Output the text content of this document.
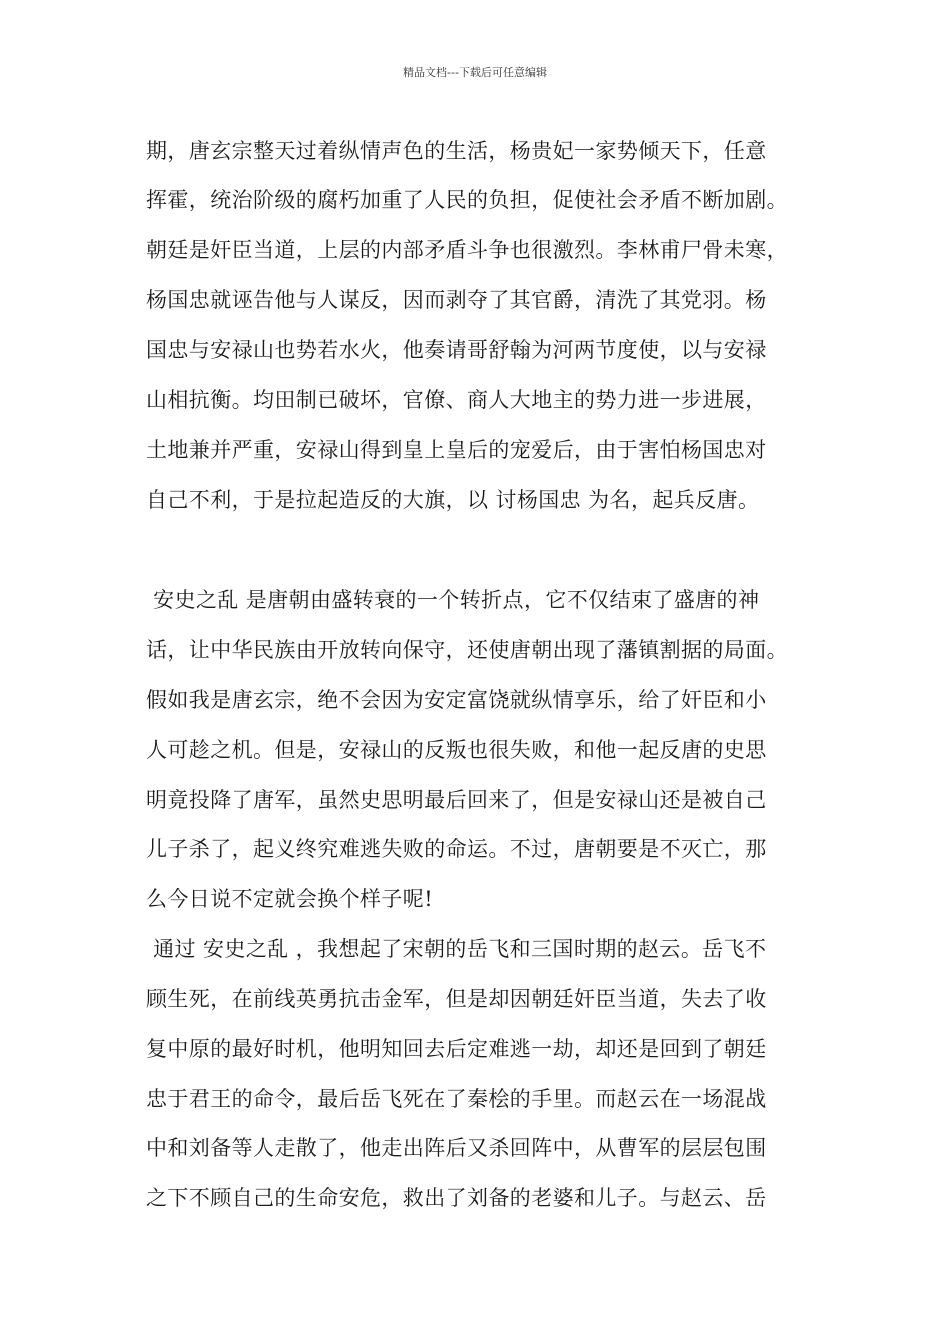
精品文档---下载后可任意编辑
期，唐玄宗整天过着纵情声色的生活，杨贵妃一家势倾天下，任意
挥霍，统治阶级的腐朽加重了人民的负担，促使社会矛盾不断加剧。
朝廷是奸臣当道，上层的内部矛盾斗争也很激烈。李林甫尸骨未寒，
杨国忠就诬告他与人谋反，因而剥夺了其官爵，清洗了其党羽。杨
国忠与安禄山也势若水火，他奏请哥舒翰为河两节度使，以与安禄
山相抗衡。均田制已破坏，官僚、商人大地主的势力进一步进展，
土地兼并严重，安禄山得到皇上皇后的宠爱后，由于害怕杨国忠对
自己不利，于是拉起造反的大旗，以 讨杨国忠 为名，起兵反唐。
安史之乱 是唐朝由盛转衰的一个转折点，它不仅结束了盛唐的神
话，让中华民族由开放转向保守，还使唐朝出现了藩镇割据的局面。
假如我是唐玄宗，绝不会因为安定富饶就纵情享乐，给了奸臣和小
人可趁之机。但是，安禄山的反叛也很失败，和他一起反唐的史思
明竟投降了唐军，虽然史思明最后回来了，但是安禄山还是被自己
儿子杀了，起义终究难逃失败的命运。不过，唐朝要是不灭亡，那
么今日说不定就会换个样子呢!
通过 安史之乱 ，我想起了宋朝的岳飞和三国时期的赵云。岳飞不
顾生死，在前线英勇抗击金军，但是却因朝廷奸臣当道，失去了收
复中原的最好时机，他明知回去后定难逃一劫，却还是回到了朝廷
忠于君王的命令，最后岳飞死在了秦桧的手里。而赵云在一场混战
中和刘备等人走散了，他走出阵后又杀回阵中，从曹军的层层包围
之下不顾自己的生命安危，救出了刘备的老婆和儿子。与赵云、岳
